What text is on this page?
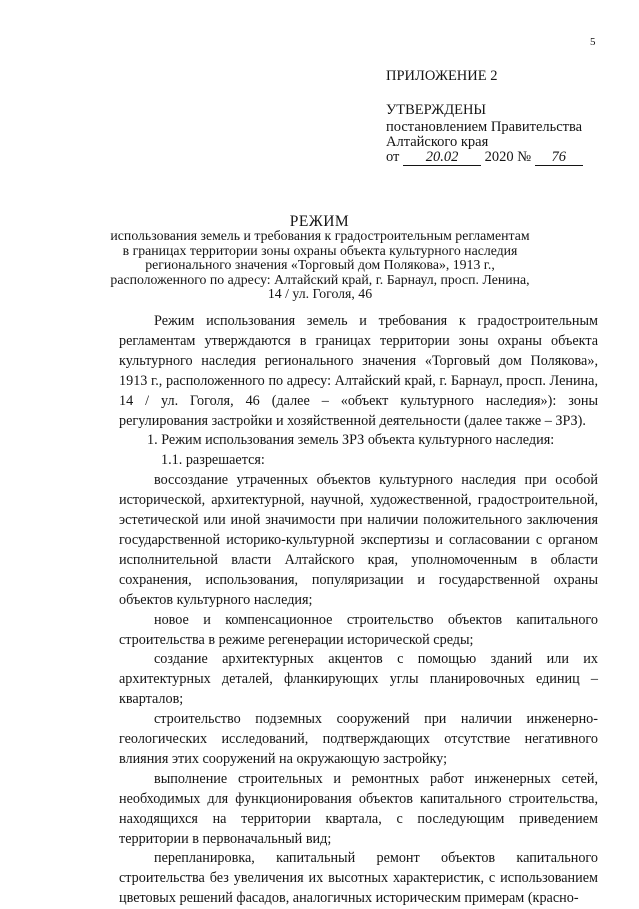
5
ПРИЛОЖЕНИЕ 2
УТВЕРЖДЕНЫ
постановлением Правительства
Алтайского края
от 20.02 2020 № 76
РЕЖИМ
использования земель и требования к градостроительным регламентам в границах территории зоны охраны объекта культурного наследия регионального значения «Торговый дом Полякова», 1913 г., расположенного по адресу: Алтайский край, г. Барнаул, просп. Ленина, 14 / ул. Гоголя, 46

Режим использования земель и требования к градостроительным регламентам утверждаются в границах территории зоны охраны объекта культурного наследия регионального значения «Торговый дом Полякова», 1913 г., расположенного по адресу: Алтайский край, г. Барнаул, просп. Ленина, 14 / ул. Гоголя, 46 (далее – «объект культурного наследия»): зоны регулирования застройки и хозяйственной деятельности (далее также – ЗРЗ).

1. Режим использования земель ЗРЗ объекта культурного наследия:

1.1. разрешается:

воссоздание утраченных объектов культурного наследия при особой исторической, архитектурной, научной, художественной, градостроительной, эстетической или иной значимости при наличии положительного заключения государственной историко-культурной экспертизы и согласовании с органом исполнительной власти Алтайского края, уполномоченным в области сохранения, использования, популяризации и государственной охраны объектов культурного наследия;

новое и компенсационное строительство объектов капитального строительства в режиме регенерации исторической среды;

создание архитектурных акцентов с помощью зданий или их архитектурных деталей, фланкирующих углы планировочных единиц – кварталов;

строительство подземных сооружений при наличии инженерно-геологических исследований, подтверждающих отсутствие негативного влияния этих сооружений на окружающую застройку;

выполнение строительных и ремонтных работ инженерных сетей, необходимых для функционирования объектов капитального строительства, находящихся на территории квартала, с последующим приведением территории в первоначальный вид;

перепланировка, капитальный ремонт объектов капитального строительства без увеличения их высотных характеристик, с использованием цветовых решений фасадов, аналогичных историческим примерам (красно-
